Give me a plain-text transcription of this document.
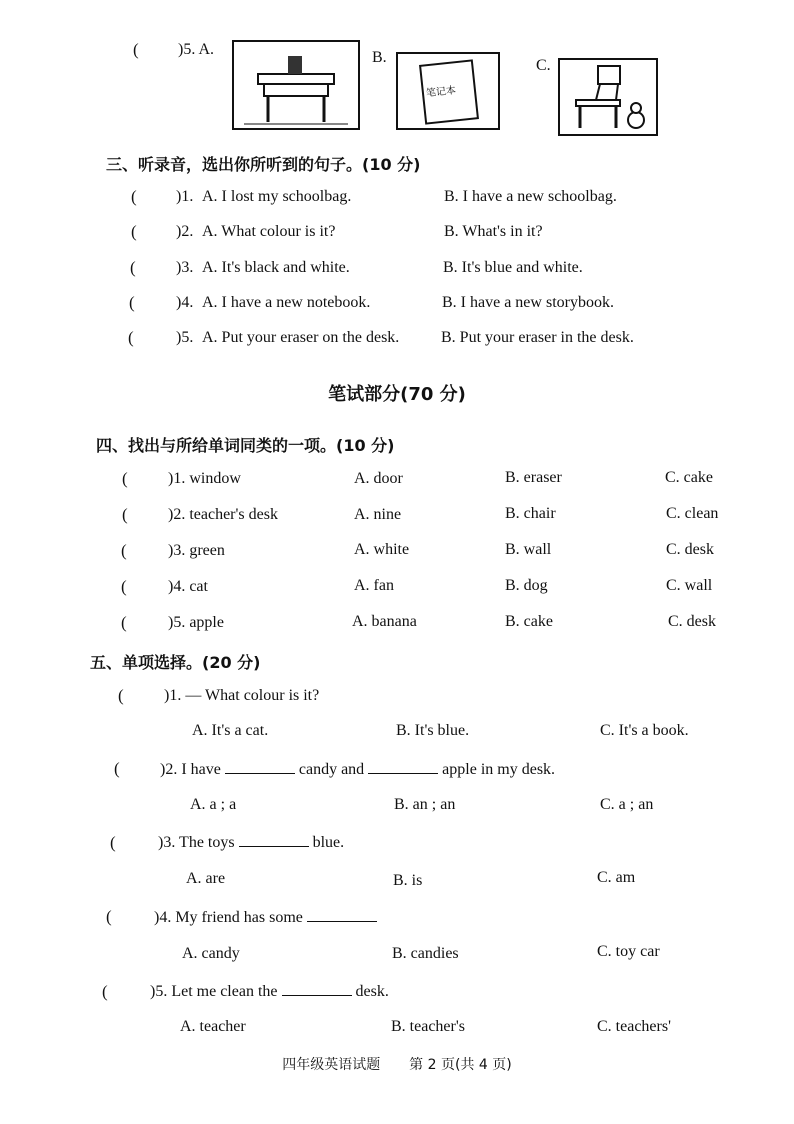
( )5. A.	B.
笔记本
C.
三、听录音，选出你所听到的句子。(10 分)
( )1. A. I lost my schoolbag.	B. I have a new schoolbag.
( )2. A. What colour is it?	B. What's in it?
(	)3. A. It's black and white.	B. It's blue and white.
(	)4. A. I have a new notebook.	B. I have a new storybook.
(	)5. A. Put your eraser on the desk.	B. Put your eraser in the desk.
笔试部分(70 分)
四、找出与所给单词同类的一项。(10 分)
(	)1. window	A. door	B. eraser	C. cake
(	)2. teacher's desk	A. nine	B. chair	C. clean
(	)3. green	A. white	B. wall	C. desk
(	)4. cat	A. fan	B. dog	C. wall
(	)5. apple	A. banana	B. cake	C. desk
五、单项选择。(20 分)
(	)1. — What colour is it?
A. It's a cat.	B. It's blue.	C. It's a book.
(	)2. I have	candy and	apple in my desk.
A. a ; a	B. an ; an	C. a ; an
(	)3. The toys	blue.
A. are	B. is	C. am
(	)4. My friend has some
A. candy	B. candies	C. toy car
(	)5. Let me clean the	desk.
A. teacher	B. teacher's	C. teachers'
四年级英语试题 第 2 页(共 4 页)
